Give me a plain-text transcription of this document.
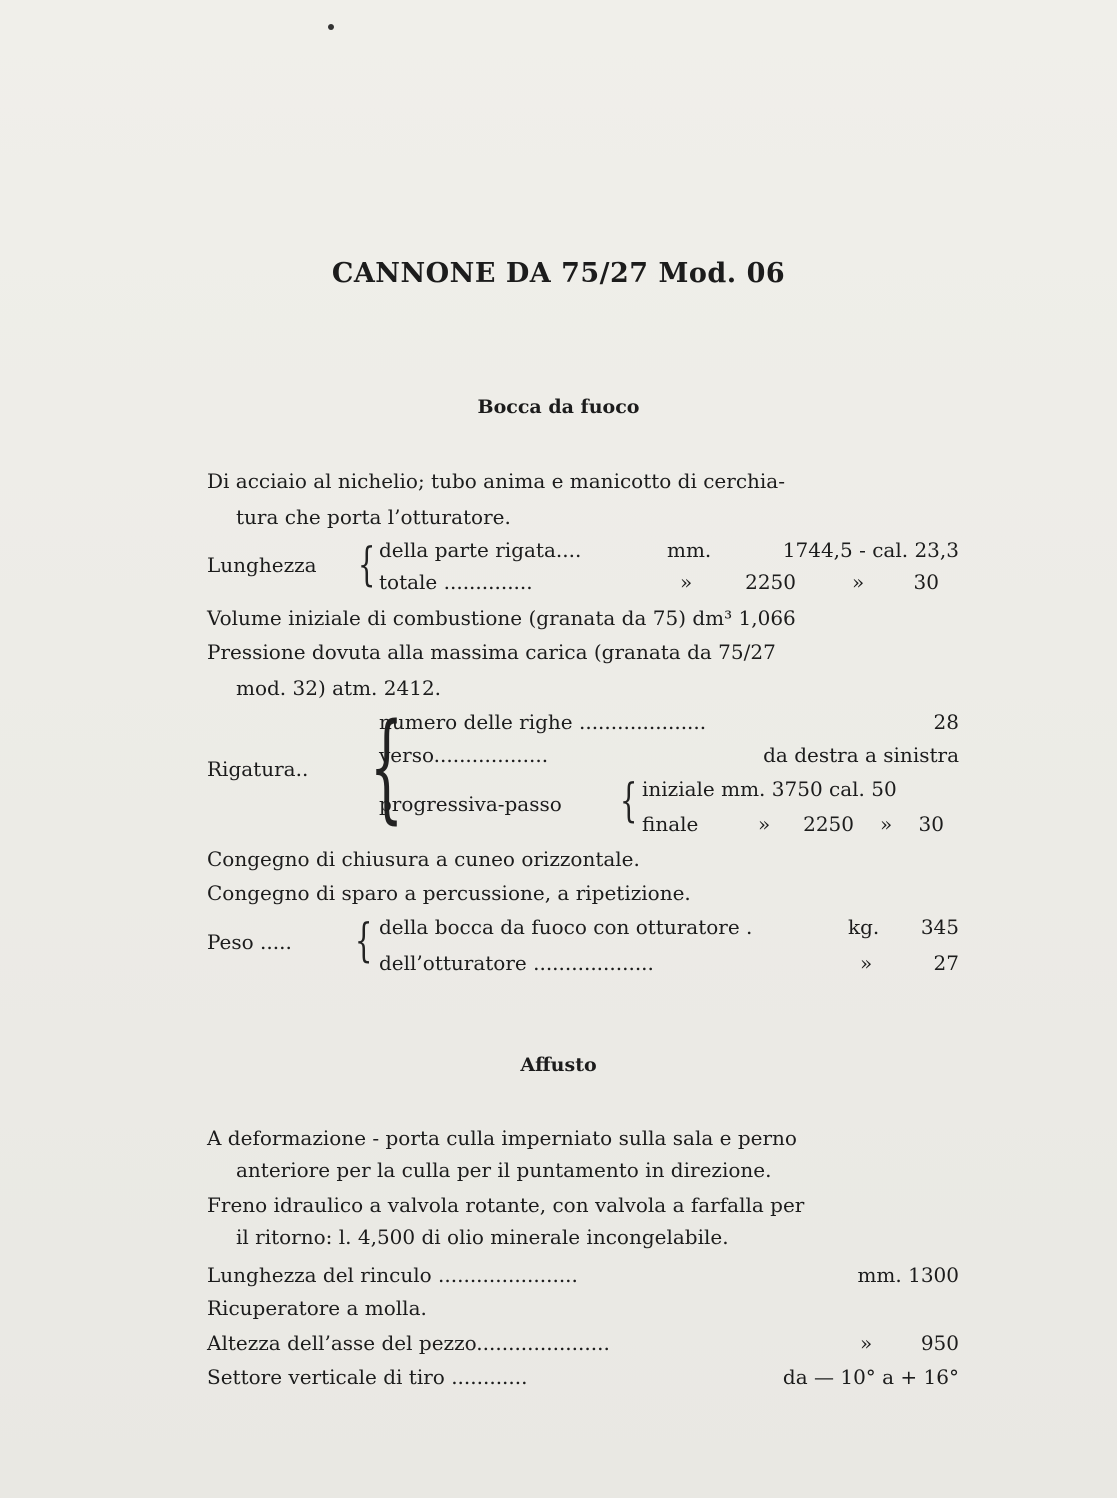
CANNONE DA 75/27 Mod. 06
Bocca da fuoco
Di acciaio al nichelio; tubo anima e manicotto di cerchia-
tura che porta l’otturatore.
Lunghezza { della parte rigata....	mm.	1744,5 - cal. 23,3
totale ..............	»	2250	»	30
Volume iniziale di combustione (granata da 75) dm³ 1,066
Pressione dovuta alla massima carica (granata da 75/27
mod. 32) atm. 2412.
Rigatura.. {
numero delle righe ....................	28
verso..................	da destra a sinistra
progressiva-passo { iniziale mm. 3750 cal. 50
finale	»	2250 »	30
Congegno di chiusura a cuneo orizzontale.
Congegno di sparo a percussione, a ripetizione.
Peso ..... { della bocca da fuoco con otturatore .	kg.	345
dell’otturatore ...................	»	27
Affusto
A deformazione - porta culla imperniato sulla sala e perno
anteriore per la culla per il puntamento in direzione.
Freno idraulico a valvola rotante, con valvola a farfalla per
il ritorno: l. 4,500 di olio minerale incongelabile.
Lunghezza del rinculo ......................	mm. 1300
Ricuperatore a molla.
Altezza dell’asse del pezzo.....................	»	950
Settore verticale di tiro ............	da — 10° a + 16°
